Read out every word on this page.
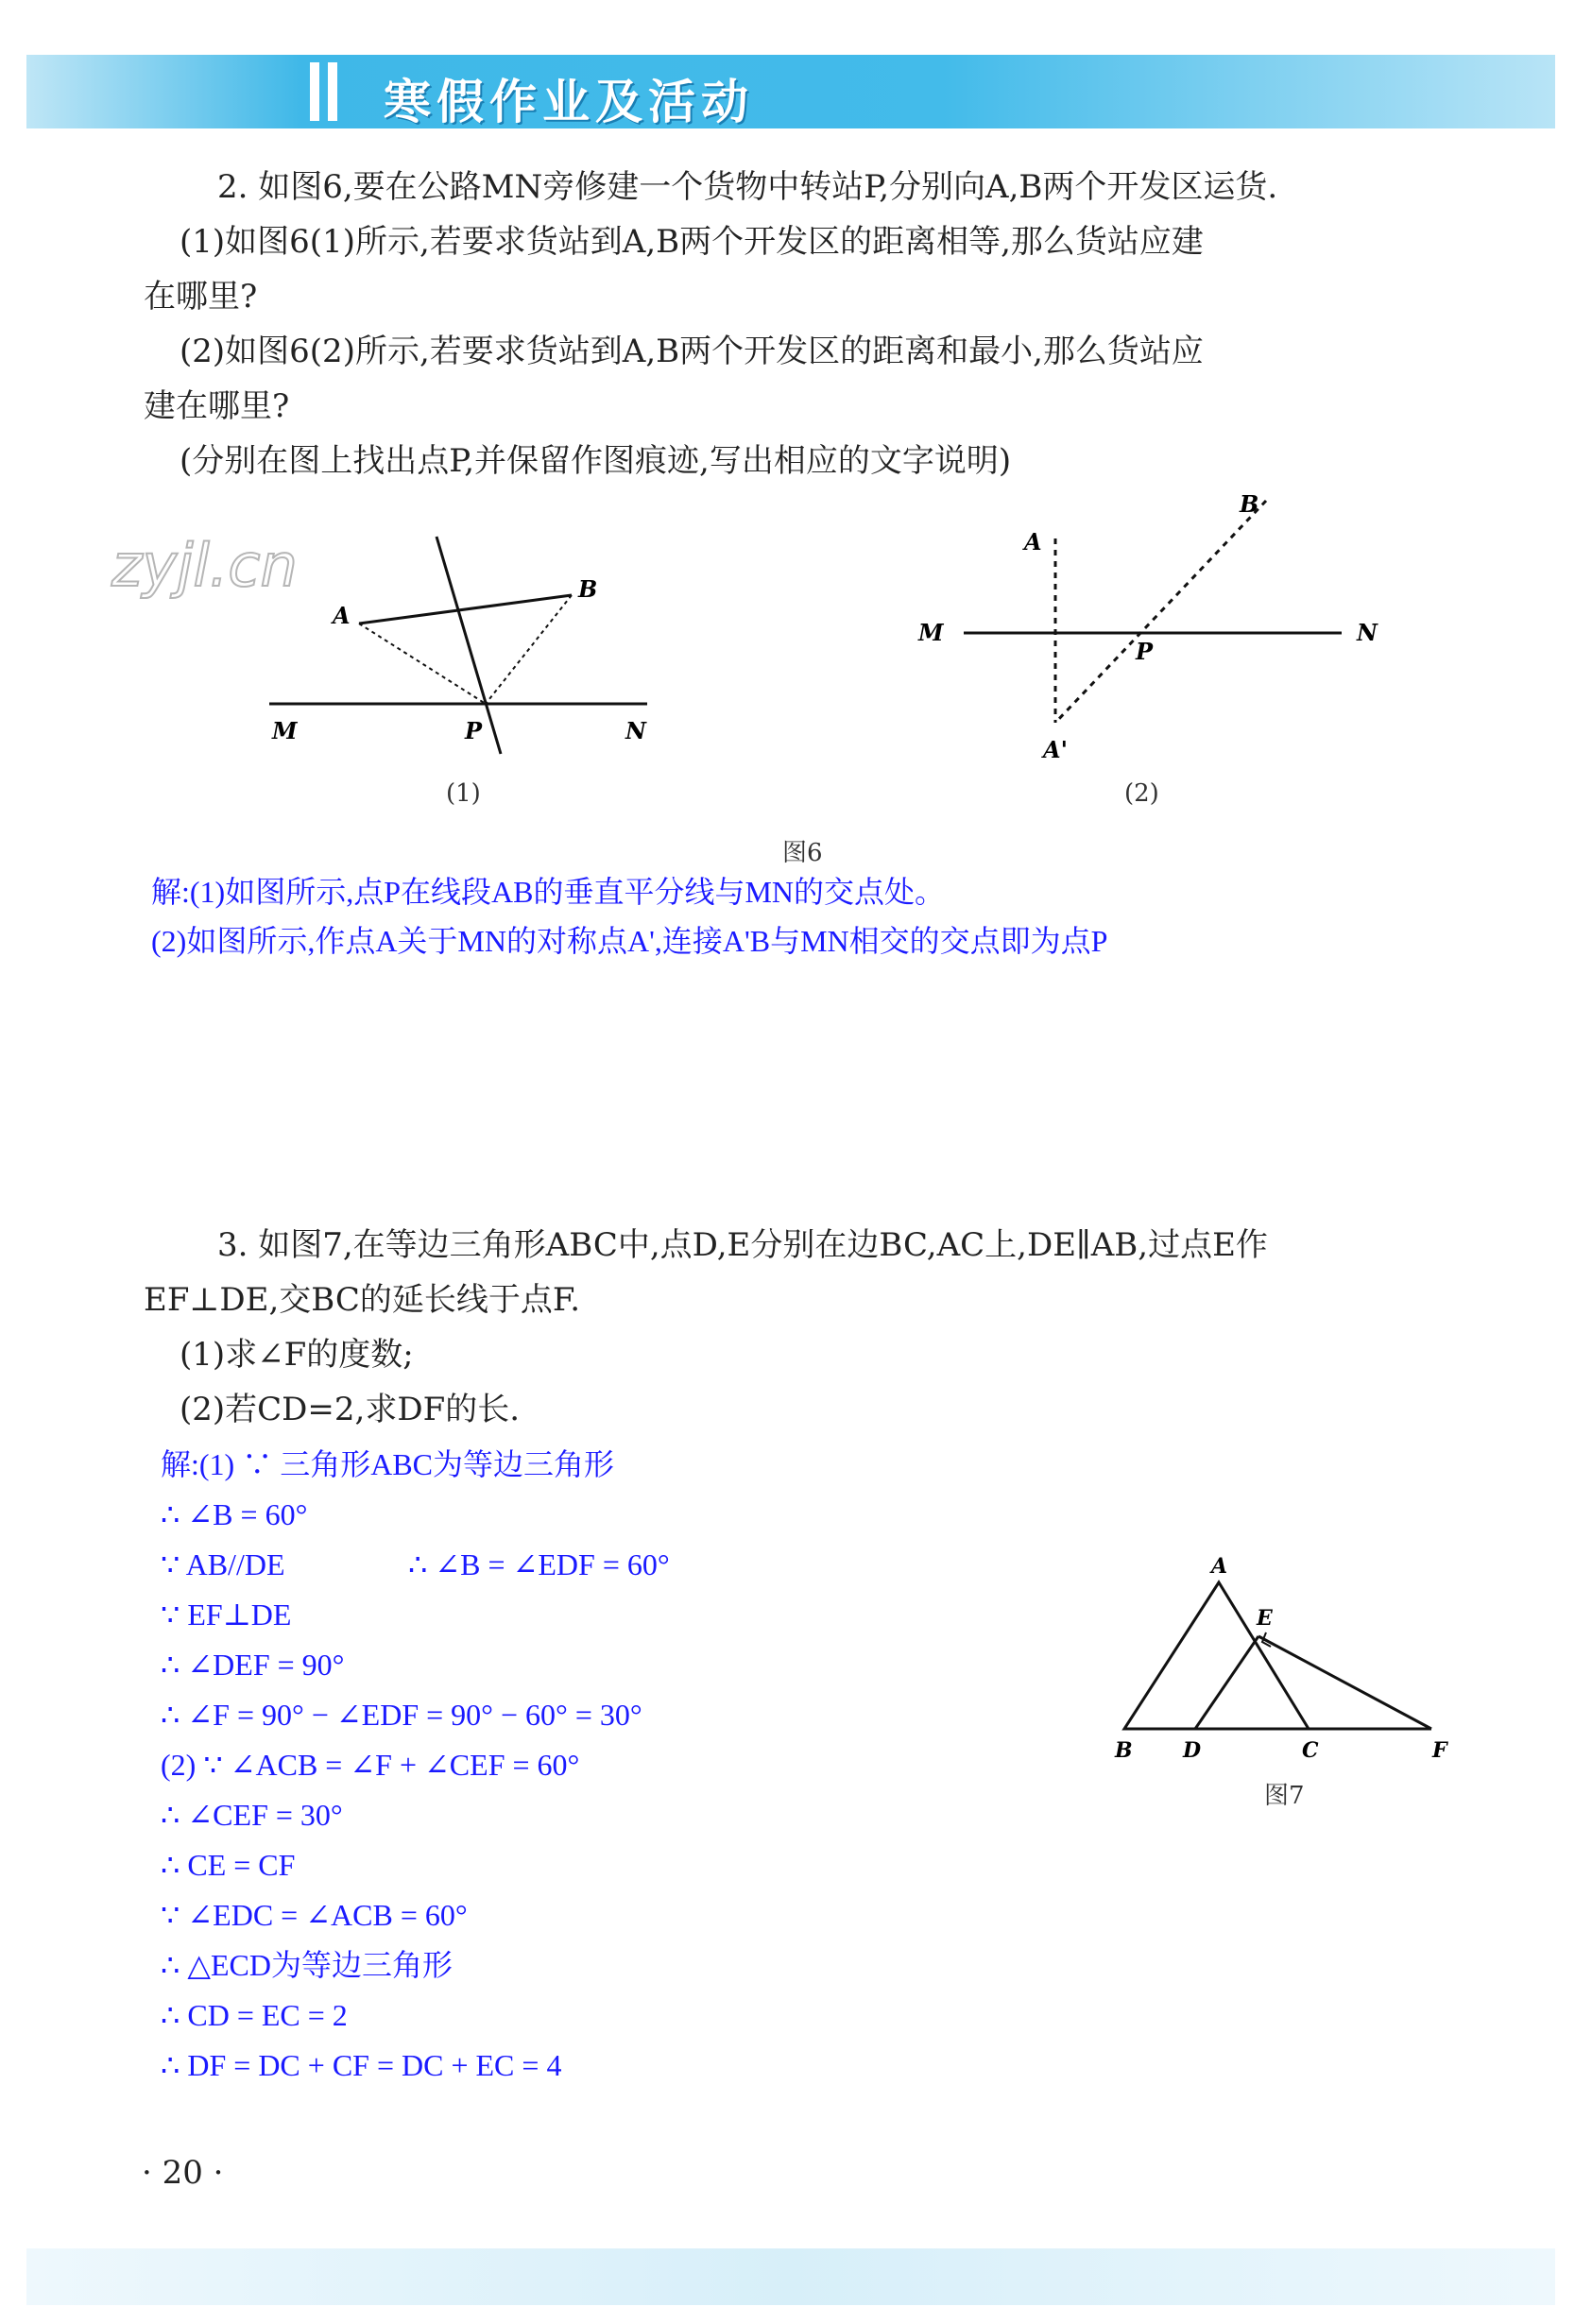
寒假作业及活动
2. 如图6,要在公路MN旁修建一个货物中转站P,分别向A,B两个开发区运货.
(1)如图6(1)所示,若要求货站到A,B两个开发区的距离相等,那么货站应建
在哪里?
(2)如图6(2)所示,若要求货站到A,B两个开发区的距离和最小,那么货站应
建在哪里?
(分别在图上找出点P,并保留作图痕迹,写出相应的文字说明)
zyjl.cn
A
B
M	P	N
(1)
A
B
M
P
N
A'
(2)
图6
解:(1)如图所示,点P在线段AB的垂直平分线与MN的交点处。
(2)如图所示,作点A关于MN的对称点A',连接A'B与MN相交的交点即为点P
3. 如图7,在等边三角形ABC中,点D,E分别在边BC,AC上,DE∥AB,过点E作
EF⊥DE,交BC的延长线于点F.
(1)求∠F的度数;
(2)若CD=2,求DF的长.
解:(1) ∵ 三角形ABC为等边三角形
∴ ∠B = 60°
∵ AB//DE	∴ ∠B = ∠EDF = 60°
∵ EF⊥DE
∴ ∠DEF = 90°
∴ ∠F = 90° − ∠EDF = 90° − 60° = 30°
(2) ∵ ∠ACB = ∠F + ∠CEF = 60°
∴ ∠CEF = 30°
∴ CE = CF
∵ ∠EDC = ∠ACB = 60°
∴ △ECD为等边三角形
∴ CD = EC = 2
∴ DF = DC + CF = DC + EC = 4
A
E
B D	C	F
图7
· 20 ·
